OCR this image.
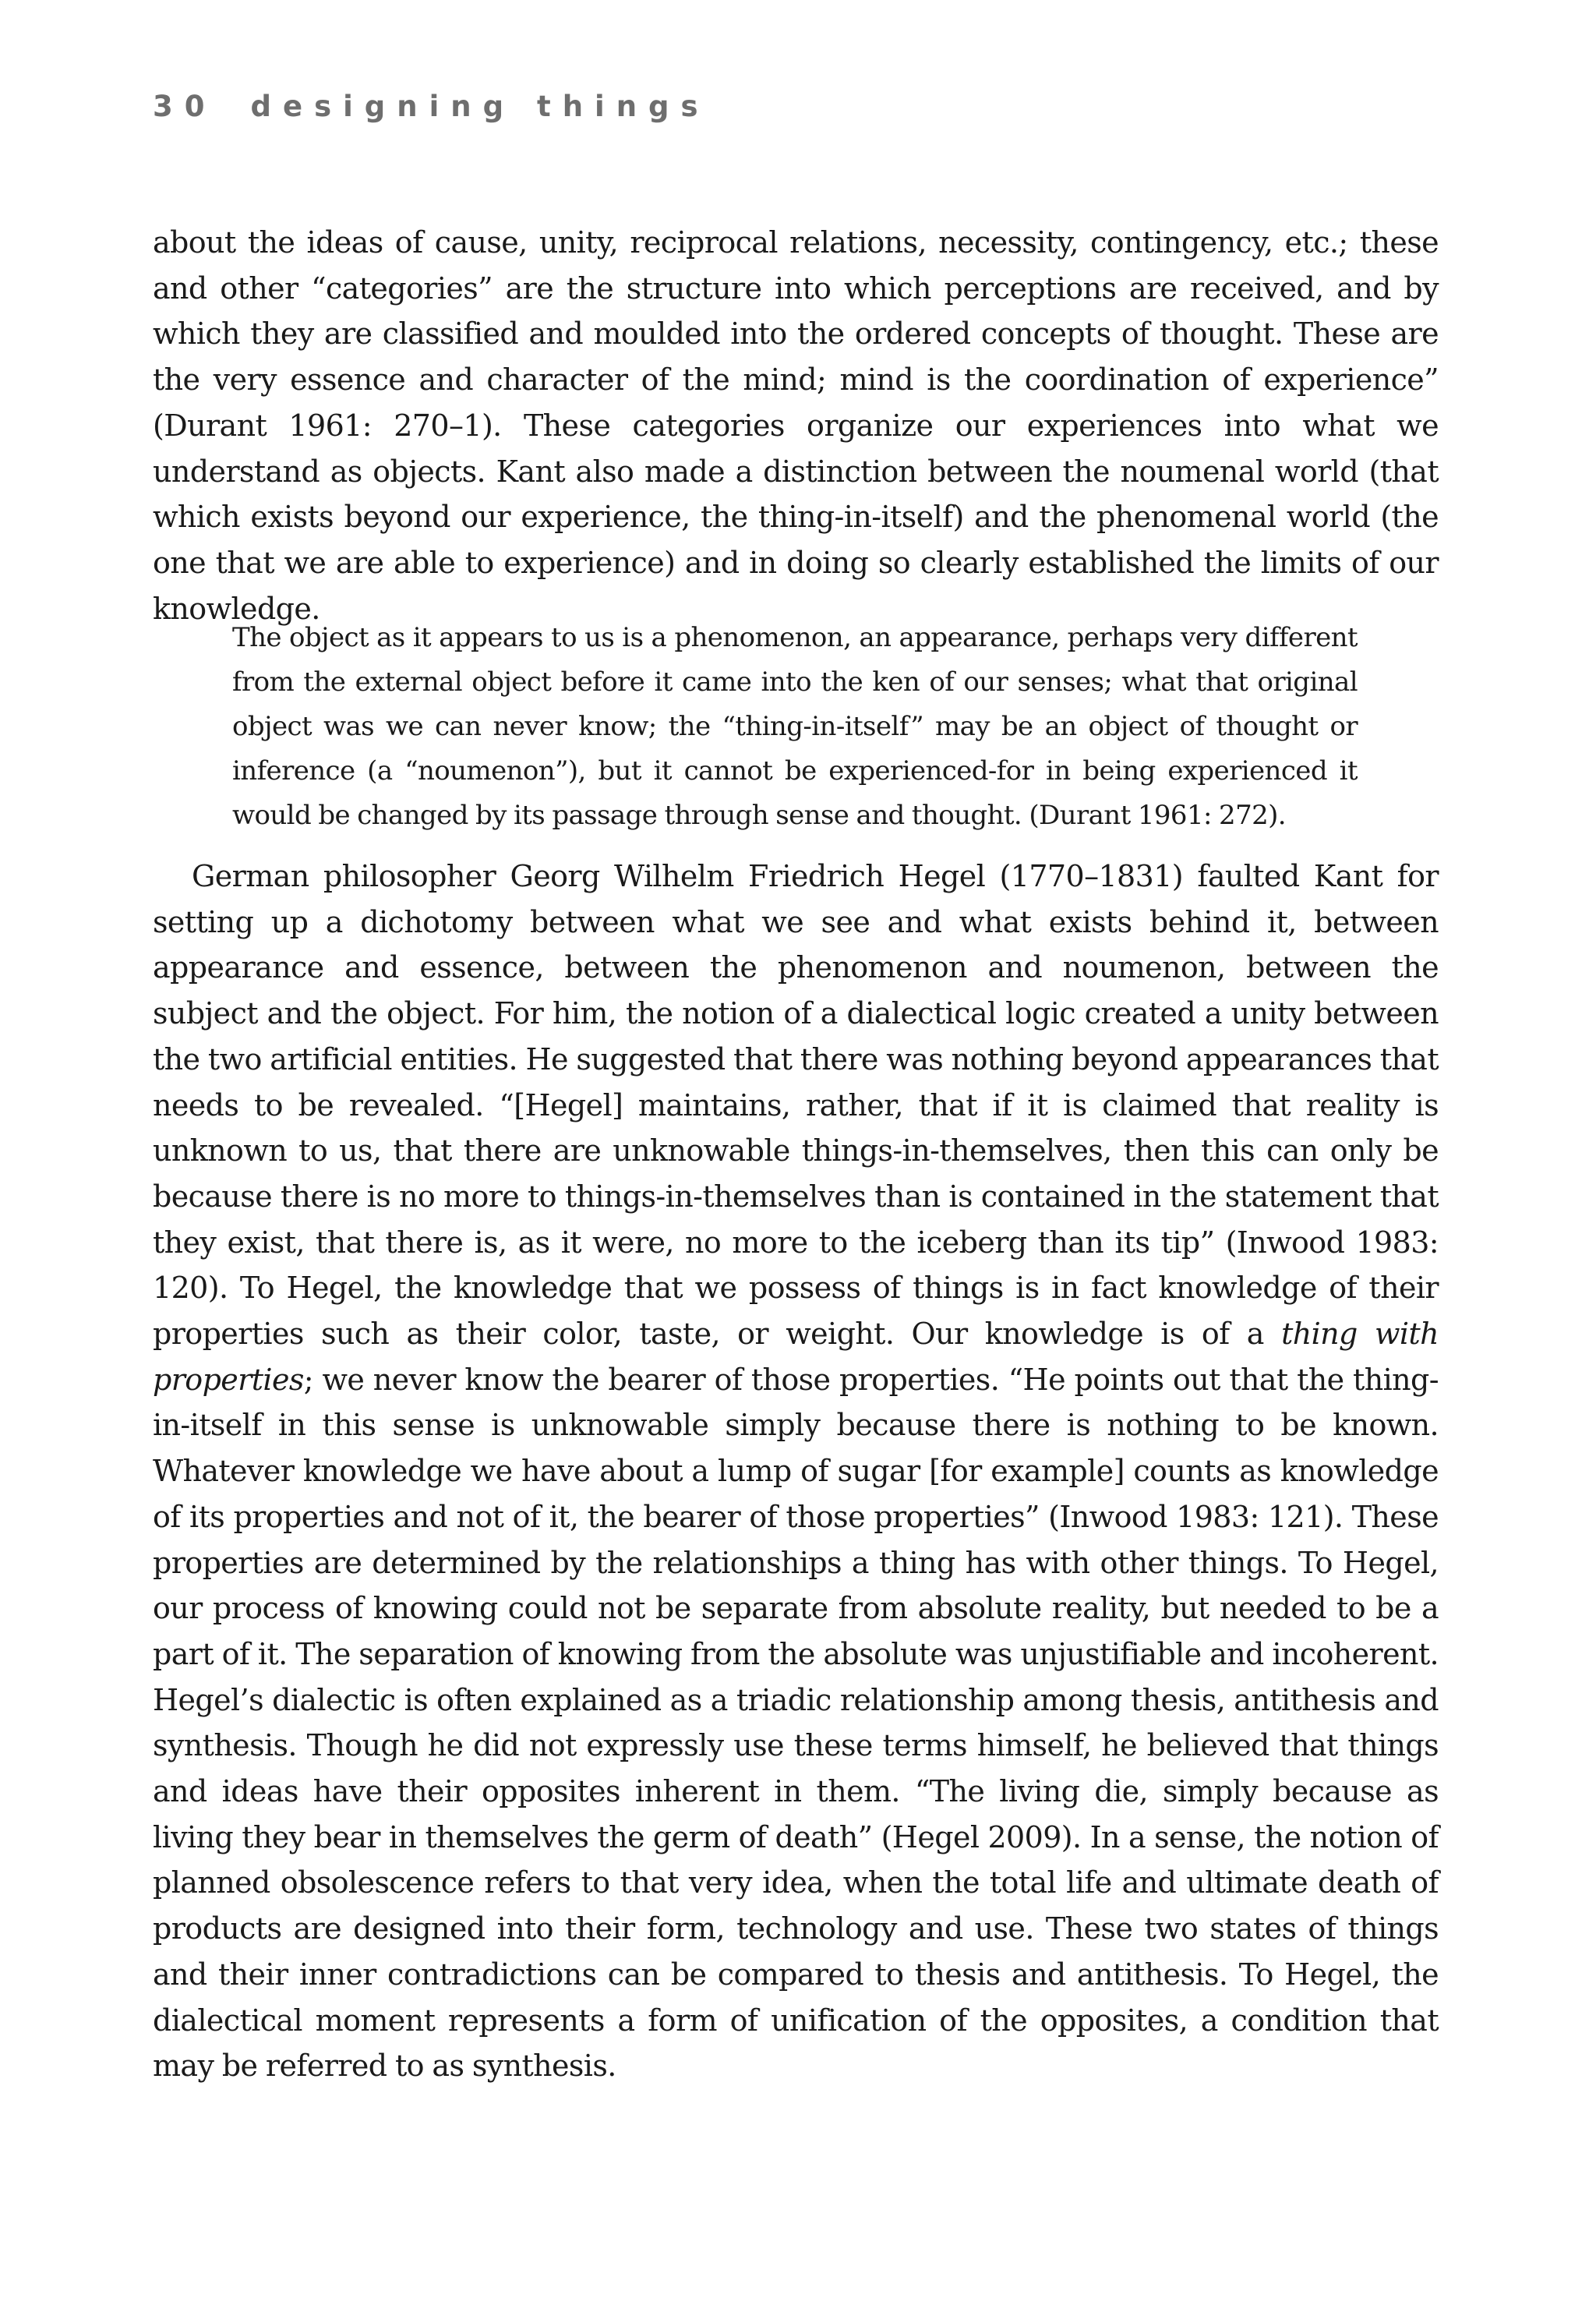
30 designing things

about the ideas of cause, unity, reciprocal relations, necessity, contingency, etc.; these and other “categories” are the structure into which perceptions are received, and by which they are classified and moulded into the ordered concepts of thought. These are the very essence and character of the mind; mind is the coordination of experience” (Durant 1961: 270–1). These categories organize our experiences into what we understand as objects. Kant also made a distinction between the noumenal world (that which exists beyond our experience, the thing-in-itself) and the phenomenal world (the one that we are able to experience) and in doing so clearly established the limits of our knowledge.

The object as it appears to us is a phenomenon, an appearance, perhaps very different from the external object before it came into the ken of our senses; what that original object was we can never know; the “thing-in-itself” may be an object of thought or inference (a “noumenon”), but it cannot be experienced-for in being experienced it would be changed by its passage through sense and thought. (Durant 1961: 272).

German philosopher Georg Wilhelm Friedrich Hegel (1770–1831) faulted Kant for setting up a dichotomy between what we see and what exists behind it, between appearance and essence, between the phenomenon and noumenon, between the subject and the object. For him, the notion of a dialectical logic created a unity between the two artificial entities. He suggested that there was nothing beyond appearances that needs to be revealed. “[Hegel] maintains, rather, that if it is claimed that reality is unknown to us, that there are unknowable things-in-themselves, then this can only be because there is no more to things-in-themselves than is contained in the statement that they exist, that there is, as it were, no more to the iceberg than its tip” (Inwood 1983: 120). To Hegel, the knowledge that we possess of things is in fact knowledge of their properties such as their color, taste, or weight. Our knowledge is of a thing with properties; we never know the bearer of those properties. “He points out that the thing-in-itself in this sense is unknowable simply because there is nothing to be known. Whatever knowledge we have about a lump of sugar [for example] counts as knowledge of its properties and not of it, the bearer of those properties” (Inwood 1983: 121). These properties are determined by the relationships a thing has with other things. To Hegel, our process of knowing could not be separate from absolute reality, but needed to be a part of it. The separation of knowing from the absolute was unjustifiable and incoherent. Hegel’s dialectic is often explained as a triadic relationship among thesis, antithesis and synthesis. Though he did not expressly use these terms himself, he believed that things and ideas have their opposites inherent in them. “The living die, simply because as living they bear in themselves the germ of death” (Hegel 2009). In a sense, the notion of planned obsolescence refers to that very idea, when the total life and ultimate death of products are designed into their form, technology and use. These two states of things and their inner contradictions can be compared to thesis and antithesis. To Hegel, the dialectical moment represents a form of unification of the opposites, a condition that may be referred to as synthesis.
